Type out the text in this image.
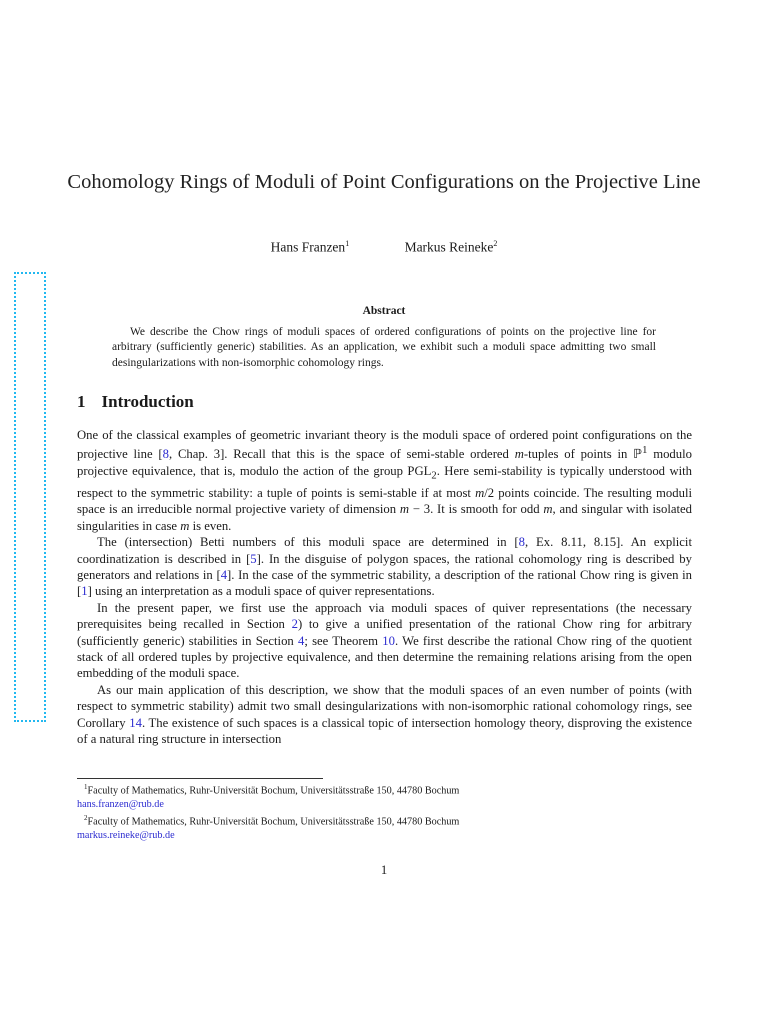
Cohomology Rings of Moduli of Point Configurations on the Projective Line
Hans Franzen$^1$	Markus Reineke$^2$
Abstract

We describe the Chow rings of moduli spaces of ordered configurations of points on the projective line for arbitrary (sufficiently generic) stabilities. As an application, we exhibit such a moduli space admitting two small desingularizations with non-isomorphic cohomology rings.

1 Introduction

One of the classical examples of geometric invariant theory is the moduli space of ordered point configurations on the projective line [8, Chap. 3]. Recall that this is the space of semi-stable ordered m-tuples of points in ℙ$^1$ modulo projective equivalence, that is, modulo the action of the group $PGL_2$. Here semi-stability is typically understood with respect to the symmetric stability: a tuple of points is semi-stable if at most m/2 points coincide. The resulting moduli space is an irreducible normal projective variety of dimension m − 3. It is smooth for odd m, and singular with isolated singularities in case m is even.

The (intersection) Betti numbers of this moduli space are determined in [8, Ex. 8.11, 8.15]. An explicit coordinatization is described in [5]. In the disguise of polygon spaces, the rational cohomology ring is described by generators and relations in [4]. In the case of the symmetric stability, a description of the rational Chow ring is given in [1] using an interpretation as a moduli space of quiver representations.

In the present paper, we first use the approach via moduli spaces of quiver representations (the necessary prerequisites being recalled in Section 2) to give a unified presentation of the rational Chow ring for arbitrary (sufficiently generic) stabilities in Section 4; see Theorem 10. We first describe the rational Chow ring of the quotient stack of all ordered tuples by projective equivalence, and then determine the remaining relations arising from the open embedding of the moduli space.

As our main application of this description, we show that the moduli spaces of an even number of points (with respect to symmetric stability) admit two small desingularizations with non-isomorphic rational cohomology rings, see Corollary 14. The existence of such spaces is a classical topic of intersection homology theory, disproving the existence of a natural ring structure in intersection

$^1$Faculty of Mathematics, Ruhr-Universität Bochum, Universitätsstraße 150, 44780 Bochum

hans.franzen@rub.de

$^2$Faculty of Mathematics, Ruhr-Universität Bochum, Universitätsstraße 150, 44780 Bochum

markus.reineke@rub.de

1
